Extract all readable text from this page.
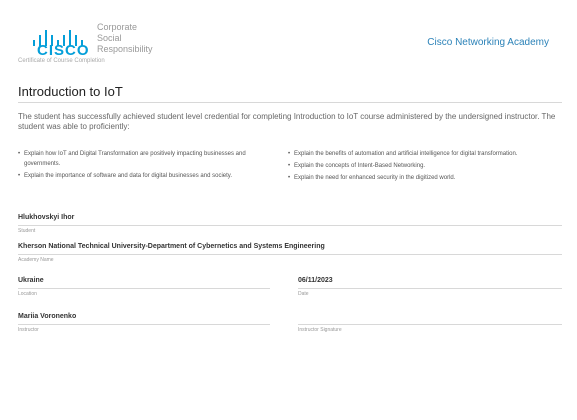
CISCO
Corporate
Social
Responsibility
Certificate of Course Completion
Cisco Networking Academy
Introduction to IoT
The student has successfully achieved student level credential for completing Introduction to IoT course administered by the undersigned instructor. The student was able to proficiently:
• Explain how IoT and Digital Transformation are positively impacting businesses and governments.
• Explain the importance of software and data for digital businesses and society.
• Explain the benefits of automation and artificial intelligence for digital transformation.
• Explain the concepts of Intent-Based Networking.
• Explain the need for enhanced security in the digitized world.
Hlukhovskyi Ihor
Student
Kherson National Technical University-Department of Cybernetics and Systems Engineering
Academy Name
Ukraine
Location
06/11/2023
Date
Mariia Voronenko
Instructor
	Instructor Signature
